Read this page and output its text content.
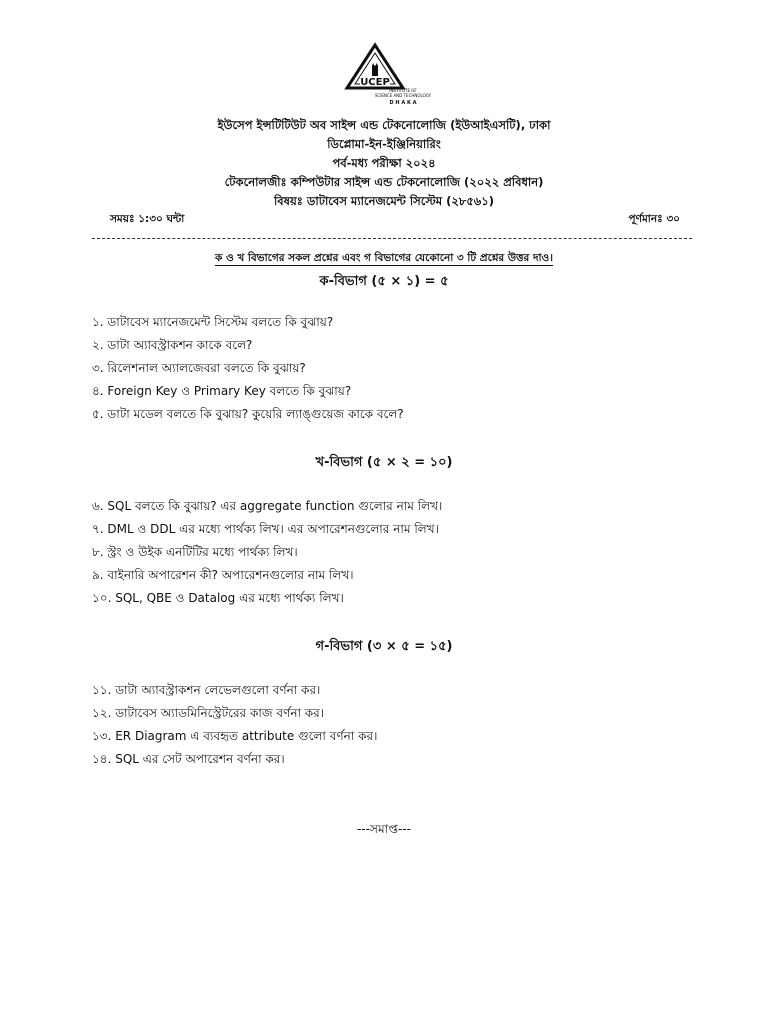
UCEP
INSTITUTE OF
SCIENCE AND TECHNOLOGY
D H A K A
ইউসেপ ইন্সটিটিউট অব সাইন্স এন্ড টেকনোলোজি (ইউআইএসটি), ঢাকা
ডিপ্লোমা-ইন-ইঞ্জিনিয়ারিং
পর্ব-মধ্য পরীক্ষা ২০২৪
টেকনোলজীঃ কম্পিউটার সাইন্স এন্ড টেকনোলোজি (২০২২ প্রবিধান)
বিষয়ঃ ডাটাবেস ম্যানেজমেন্ট সিস্টেম (২৮৫৬১)
সময়ঃ ১:৩০ ঘন্টা	পূর্ণমানঃ ৩০
ক ও খ বিভাগের সকল প্রশ্নের এবং গ বিভাগের যেকোনো ৩ টি প্রশ্নের উত্তর দাও।
ক-বিভাগ (৫ × ১) = ৫
১. ডাটাবেস ম্যানেজমেন্ট সিস্টেম বলতে কি বুঝায়?
২. ডাটা অ্যাবস্ট্রাকশন কাকে বলে?
৩. রিলেশনাল অ্যালজেবরা বলতে কি বুঝায়?
৪. Foreign Key ও Primary Key বলতে কি বুঝায়?
৫. ডাটা মডেল বলতে কি বুঝায়? কুয়েরি ল্যাঙ্গুয়েজ কাকে বলে?
খ-বিভাগ (৫ × ২ = ১০)
৬. SQL বলতে কি বুঝায়? এর aggregate function গুলোর নাম লিখ।
৭. DML ও DDL এর মধ্যে পার্থক্য লিখ। এর অপারেশনগুলোর নাম লিখ।
৮. স্ট্রং ও উইক এনটিটির মধ্যে পার্থক্য লিখ।
৯. বাইনারি অপারেশন কী? অপারেশনগুলোর নাম লিখ।
১০. SQL, QBE ও Datalog এর মধ্যে পার্থক্য লিখ।
গ-বিভাগ (৩ × ৫ = ১৫)
১১. ডাটা অ্যাবস্ট্রাকশন লেভেলগুলো বর্ণনা কর।
১২. ডাটাবেস অ্যাডমিনিস্ট্রেটরের কাজ বর্ণনা কর।
১৩. ER Diagram এ ব্যবহৃত attribute গুলো বর্ণনা কর।
১৪. SQL এর সেট অপারেশন বর্ণনা কর।
---সমাপ্ত---
